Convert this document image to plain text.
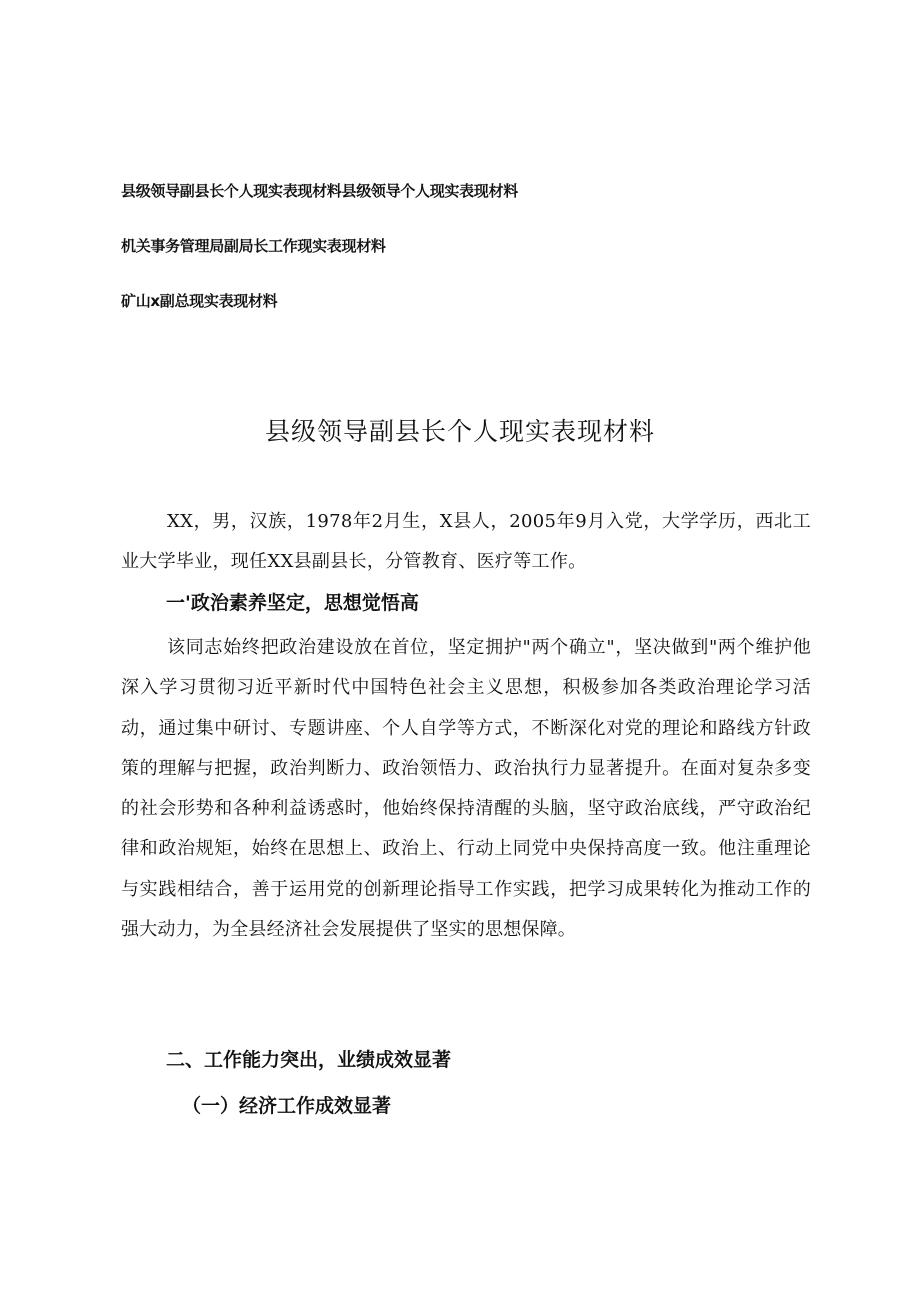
县级领导副县长个人现实表现材料县级领导个人现实表现材料
机关事务管理局副局长工作现实表现材料
矿山x副总现实表现材料
县级领导副县长个人现实表现材料

XX，男，汉族，1978年2月生，X县人，2005年9月入党，大学学历，西北工业大学毕业，现任XX县副县长，分管教育、医疗等工作。

一'政治素养坚定，思想觉悟高

该同志始终把政治建设放在首位，坚定拥护"两个确立"，坚决做到"两个维护他深入学习贯彻习近平新时代中国特色社会主义思想，积极参加各类政治理论学习活动，通过集中研讨、专题讲座、个人自学等方式，不断深化对党的理论和路线方针政策的理解与把握，政治判断力、政治领悟力、政治执行力显著提升。在面对复杂多变的社会形势和各种利益诱惑时，他始终保持清醒的头脑，坚守政治底线，严守政治纪律和政治规矩，始终在思想上、政治上、行动上同党中央保持高度一致。他注重理论与实践相结合，善于运用党的创新理论指导工作实践，把学习成果转化为推动工作的强大动力，为全县经济社会发展提供了坚实的思想保障。

二、工作能力突出，业绩成效显著
（一）经济工作成效显著
